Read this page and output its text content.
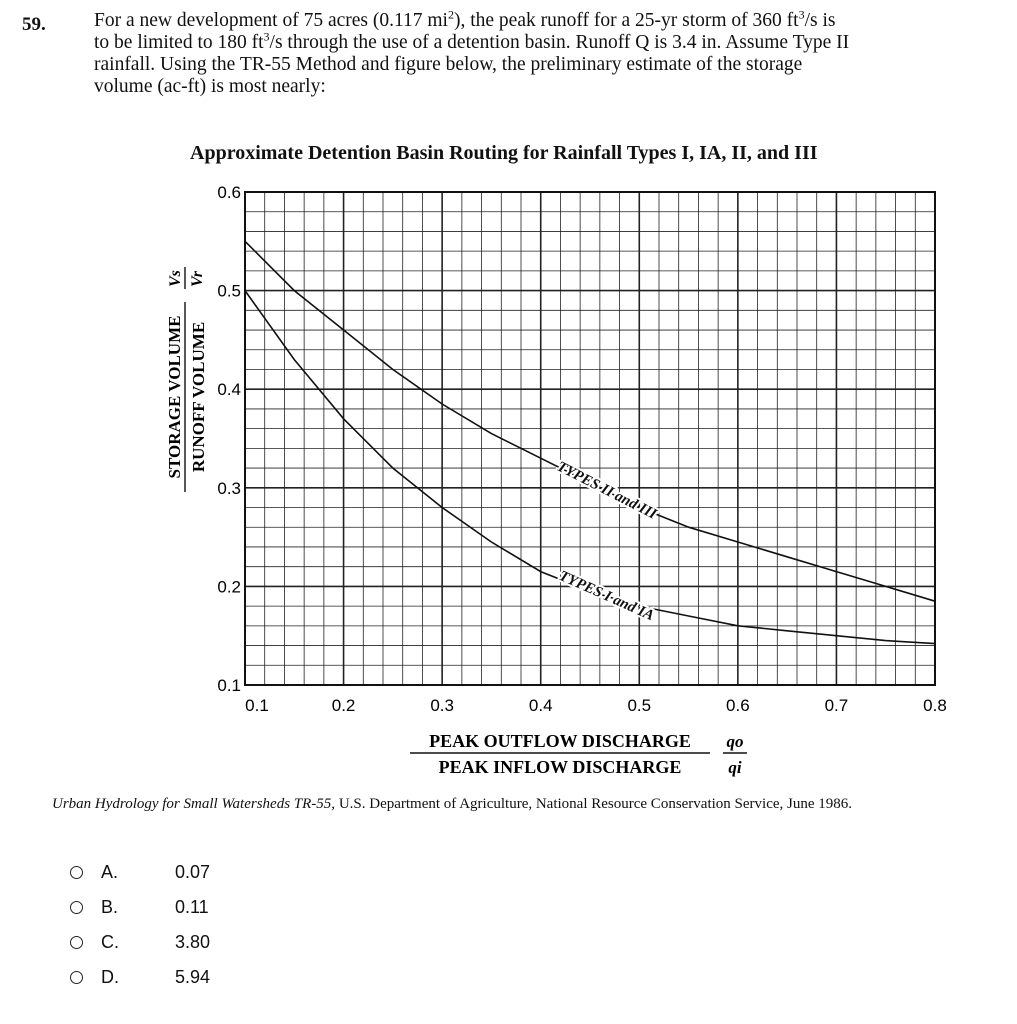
59. For a new development of 75 acres (0.117 $mi^2$), the peak runoff for a 25-yr storm of 360 $ft^3/s$ is
to be limited to 180 $ft^3/s$ through the use of a detention basin. Runoff Q is 3.4 in. Assume Type II
rainfall. Using the TR-55 Method and figure below, the preliminary estimate of the storage
volume (ac-ft) is most nearly:
Approximate Detention Basin Routing for Rainfall Types I, IA, II, and III
0.1	0.2	0.3	0.4	0.5	0.6	0.7	0.8
0.1
0.2
0.3
0.4
0.5
0.6
TYPES II and III
TYPES I and IA
STORAGE VOLUME RUNOFF VOLUME
Vs Vr
PEAK OUTFLOW DISCHARGE
PEAK INFLOW DISCHARGE
qo
qi
Urban Hydrology for Small Watersheds TR-55, U.S. Department of Agriculture, National Resource Conservation Service, June 1986.
A.	0.07
B.	0.11
C.	3.80
D.	5.94
